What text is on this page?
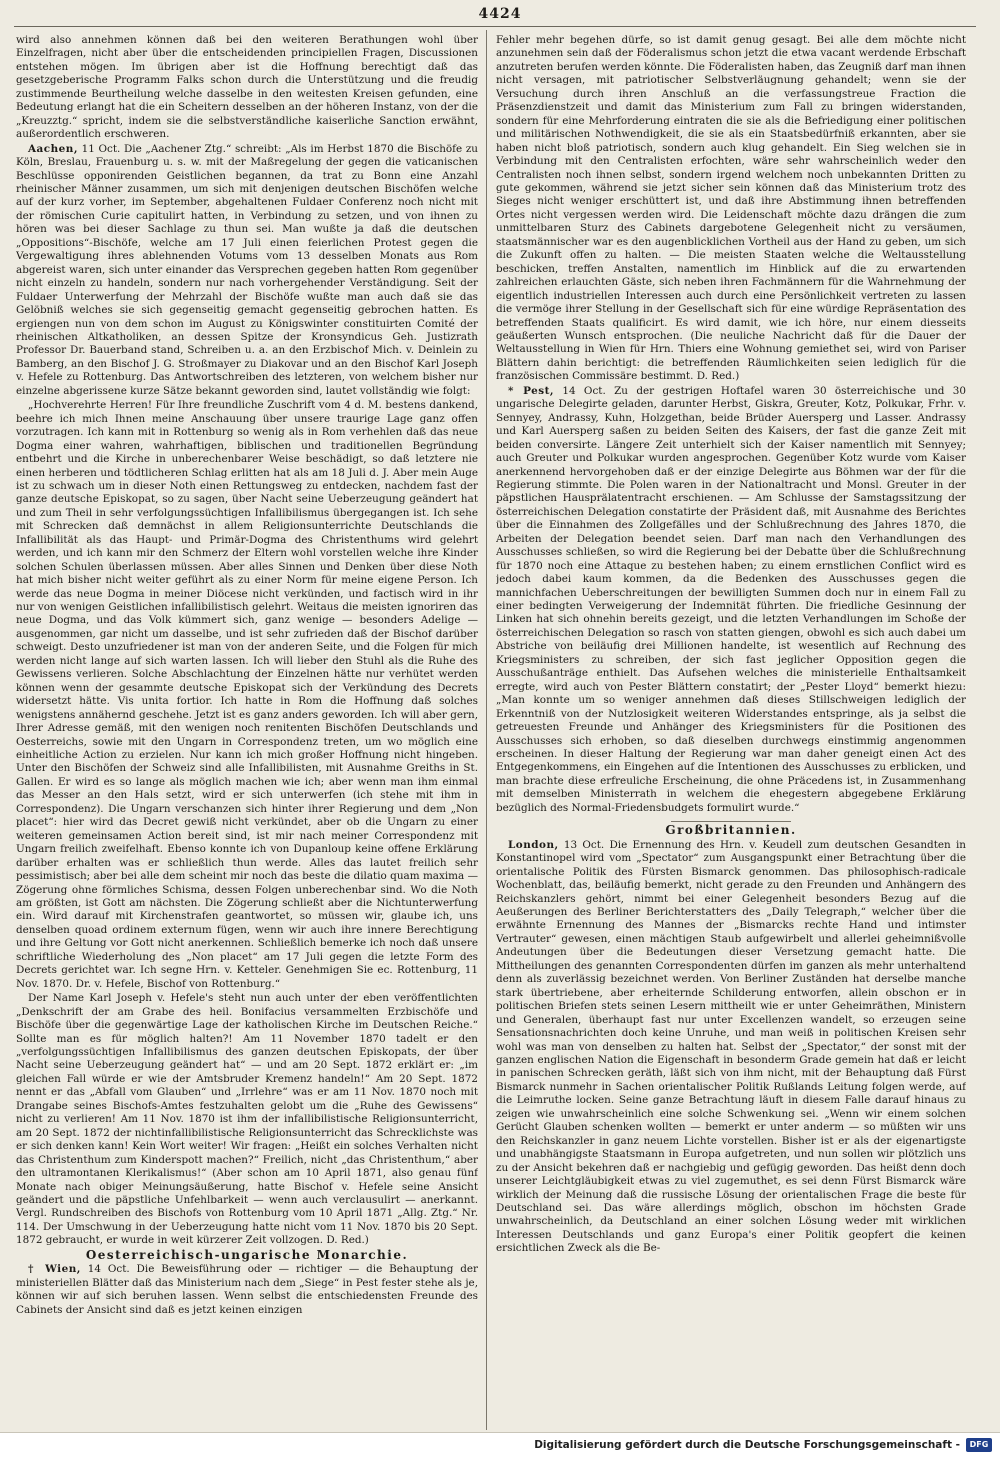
4424

wird also annehmen können daß bei den weiteren Berathungen wohl über Einzelfragen, nicht aber über die entscheidenden principiellen Fragen, Discussionen entstehen mögen. Im übrigen aber ist die Hoffnung berechtigt daß das gesetzgeberische Programm Falks schon durch die Unterstützung und die freudig zustimmende Beurtheilung welche dasselbe in den weitesten Kreisen gefunden, eine Bedeutung erlangt hat die ein Scheitern desselben an der höheren Instanz, von der die „Kreuzztg.“ spricht, indem sie die selbstverständliche kaiserliche Sanction erwähnt, außerordentlich erschweren.

Aachen, 11 Oct. Die „Aachener Ztg.“ schreibt: „Als im Herbst 1870 die Bischöfe zu Köln, Breslau, Frauenburg u. s. w. mit der Maßregelung der gegen die vaticanischen Beschlüsse opponirenden Geistlichen begannen, da trat zu Bonn eine Anzahl rheinischer Männer zusammen, um sich mit denjenigen deutschen Bischöfen welche auf der kurz vorher, im September, abgehaltenen Fuldaer Conferenz noch nicht mit der römischen Curie capitulirt hatten, in Verbindung zu setzen, und von ihnen zu hören was bei dieser Sachlage zu thun sei. Man wußte ja daß die deutschen „Oppositions“-Bischöfe, welche am 17 Juli einen feierlichen Protest gegen die Vergewaltigung ihres ablehnenden Votums vom 13 desselben Monats aus Rom abgereist waren, sich unter einander das Versprechen gegeben hatten Rom gegenüber nicht einzeln zu handeln, sondern nur nach vorhergehender Verständigung. Seit der Fuldaer Unterwerfung der Mehrzahl der Bischöfe wußte man auch daß sie das Gelöbniß welches sie sich gegenseitig gemacht gegenseitig gebrochen hatten. Es ergiengen nun von dem schon im August zu Königswinter constituirten Comité der rheinischen Altkatholiken, an dessen Spitze der Kronsyndicus Geh. Justizrath Professor Dr. Bauerband stand, Schreiben u. a. an den Erzbischof Mich. v. Deinlein zu Bamberg, an den Bischof J. G. Stroßmayer zu Diakovar und an den Bischof Karl Joseph v. Hefele zu Rottenburg. Das Antwortschreiben des letzteren, von welchem bisher nur einzelne abgerissene kurze Sätze bekannt geworden sind, lautet vollständig wie folgt:

„Hochverehrte Herren! Für Ihre freundliche Zuschrift vom 4 d. M. bestens dankend, beehre ich mich Ihnen meine Anschauung über unsere traurige Lage ganz offen vorzutragen. Ich kann mit in Rottenburg so wenig als in Rom verhehlen daß das neue Dogma einer wahren, wahrhaftigen, biblischen und traditionellen Begründung entbehrt und die Kirche in unberechenbarer Weise beschädigt, so daß letztere nie einen herberen und tödtlicheren Schlag erlitten hat als am 18 Juli d. J. Aber mein Auge ist zu schwach um in dieser Noth einen Rettungsweg zu entdecken, nachdem fast der ganze deutsche Episkopat, so zu sagen, über Nacht seine Ueberzeugung geändert hat und zum Theil in sehr verfolgungssüchtigen Infallibilismus übergegangen ist. Ich sehe mit Schrecken daß demnächst in allem Religionsunterrichte Deutschlands die Infallibilität als das Haupt- und Primär-Dogma des Christenthums wird gelehrt werden, und ich kann mir den Schmerz der Eltern wohl vorstellen welche ihre Kinder solchen Schulen überlassen müssen. Aber alles Sinnen und Denken über diese Noth hat mich bisher nicht weiter geführt als zu einer Norm für meine eigene Person. Ich werde das neue Dogma in meiner Diöcese nicht verkünden, und factisch wird in ihr nur von wenigen Geistlichen infallibilistisch gelehrt. Weitaus die meisten ignoriren das neue Dogma, und das Volk kümmert sich, ganz wenige — besonders Adelige — ausgenommen, gar nicht um dasselbe, und ist sehr zufrieden daß der Bischof darüber schweigt. Desto unzufriedener ist man von der anderen Seite, und die Folgen für mich werden nicht lange auf sich warten lassen. Ich will lieber den Stuhl als die Ruhe des Gewissens verlieren. Solche Abschlachtung der Einzelnen hätte nur verhütet werden können wenn der gesammte deutsche Episkopat sich der Verkündung des Decrets widersetzt hätte. Vis unita fortior. Ich hatte in Rom die Hoffnung daß solches wenigstens annähernd geschehe. Jetzt ist es ganz anders geworden. Ich will aber gern, Ihrer Adresse gemäß, mit den wenigen noch renitenten Bischöfen Deutschlands und Oesterreichs, sowie mit den Ungarn in Correspondenz treten, um wo möglich eine einheitliche Action zu erzielen. Nur kann ich mich großer Hoffnung nicht hingeben. Unter den Bischöfen der Schweiz sind alle Infallibilisten, mit Ausnahme Greiths in St. Gallen. Er wird es so lange als möglich machen wie ich; aber wenn man ihm einmal das Messer an den Hals setzt, wird er sich unterwerfen (ich stehe mit ihm in Correspondenz). Die Ungarn verschanzen sich hinter ihrer Regierung und dem „Non placet“: hier wird das Decret gewiß nicht verkündet, aber ob die Ungarn zu einer weiteren gemeinsamen Action bereit sind, ist mir nach meiner Correspondenz mit Ungarn freilich zweifelhaft. Ebenso konnte ich von Dupanloup keine offene Erklärung darüber erhalten was er schließlich thun werde. Alles das lautet freilich sehr pessimistisch; aber bei alle dem scheint mir noch das beste die dilatio quam maxima — Zögerung ohne förmliches Schisma, dessen Folgen unberechenbar sind. Wo die Noth am größten, ist Gott am nächsten. Die Zögerung schließt aber die Nichtunterwerfung ein. Wird darauf mit Kirchenstrafen geantwortet, so müssen wir, glaube ich, uns denselben quoad ordinem externum fügen, wenn wir auch ihre innere Berechtigung und ihre Geltung vor Gott nicht anerkennen. Schließlich bemerke ich noch daß unsere schriftliche Wiederholung des „Non placet“ am 17 Juli gegen die letzte Form des Decrets gerichtet war. Ich segne Hrn. v. Ketteler. Genehmigen Sie ec. Rottenburg, 11 Nov. 1870. Dr. v. Hefele, Bischof von Rottenburg.“

Der Name Karl Joseph v. Hefele's steht nun auch unter der eben veröffentlichten „Denkschrift der am Grabe des heil. Bonifacius versammelten Erzbischöfe und Bischöfe über die gegenwärtige Lage der katholischen Kirche im Deutschen Reiche.“ Sollte man es für möglich halten?! Am 11 November 1870 tadelt er den „verfolgungssüchtigen Infallibilismus des ganzen deutschen Episkopats, der über Nacht seine Ueberzeugung geändert hat“ — und am 20 Sept. 1872 erklärt er: „im gleichen Fall würde er wie der Amtsbruder Kremenz handeln!“ Am 20 Sept. 1872 nennt er das „Abfall vom Glauben“ und „Irrlehre“ was er am 11 Nov. 1870 noch mit Drangabe seines Bischofs-Amtes festzuhalten gelobt um die „Ruhe des Gewissens“ nicht zu verlieren! Am 11 Nov. 1870 ist ihm der infallibilistische Religionsunterricht, am 20 Sept. 1872 der nichtinfallibilistische Religionsunterricht das Schrecklichste was er sich denken kann! Kein Wort weiter! Wir fragen: „Heißt ein solches Verhalten nicht das Christenthum zum Kinderspott machen?“ Freilich, nicht „das Christenthum,“ aber den ultramontanen Klerikalismus!“ (Aber schon am 10 April 1871, also genau fünf Monate nach obiger Meinungsäußerung, hatte Bischof v. Hefele seine Ansicht geändert und die päpstliche Unfehlbarkeit — wenn auch verclausulirt — anerkannt. Vergl. Rundschreiben des Bischofs von Rottenburg vom 10 April 1871 „Allg. Ztg.“ Nr. 114. Der Umschwung in der Ueberzeugung hatte nicht vom 11 Nov. 1870 bis 20 Sept. 1872 gebraucht, er wurde in weit kürzerer Zeit vollzogen. D. Red.)

Oesterreichisch-ungarische Monarchie.

† Wien, 14 Oct. Die Beweisführung oder — richtiger — die Behauptung der ministeriellen Blätter daß das Ministerium nach dem „Siege“ in Pest fester stehe als je, können wir auf sich beruhen lassen. Wenn selbst die entschiedensten Freunde des Cabinets der Ansicht sind daß es jetzt keinen einzigen

Fehler mehr begehen dürfe, so ist damit genug gesagt. Bei alle dem möchte nicht anzunehmen sein daß der Föderalismus schon jetzt die etwa vacant werdende Erbschaft anzutreten berufen werden könnte. Die Föderalisten haben, das Zeugniß darf man ihnen nicht versagen, mit patriotischer Selbstverläugnung gehandelt; wenn sie der Versuchung durch ihren Anschluß an die verfassungstreue Fraction die Präsenzdienstzeit und damit das Ministerium zum Fall zu bringen widerstanden, sondern für eine Mehrforderung eintraten die sie als die Befriedigung einer politischen und militärischen Nothwendigkeit, die sie als ein Staatsbedürfniß erkannten, aber sie haben nicht bloß patriotisch, sondern auch klug gehandelt. Ein Sieg welchen sie in Verbindung mit den Centralisten erfochten, wäre sehr wahrscheinlich weder den Centralisten noch ihnen selbst, sondern irgend welchem noch unbekannten Dritten zu gute gekommen, während sie jetzt sicher sein können daß das Ministerium trotz des Sieges nicht weniger erschüttert ist, und daß ihre Abstimmung ihnen betreffenden Ortes nicht vergessen werden wird. Die Leidenschaft möchte dazu drängen die zum unmittelbaren Sturz des Cabinets dargebotene Gelegenheit nicht zu versäumen, staatsmännischer war es den augenblicklichen Vortheil aus der Hand zu geben, um sich die Zukunft offen zu halten. — Die meisten Staaten welche die Weltausstellung beschicken, treffen Anstalten, namentlich im Hinblick auf die zu erwartenden zahlreichen erlauchten Gäste, sich neben ihren Fachmännern für die Wahrnehmung der eigentlich industriellen Interessen auch durch eine Persönlichkeit vertreten zu lassen die vermöge ihrer Stellung in der Gesellschaft sich für eine würdige Repräsentation des betreffenden Staats qualificirt. Es wird damit, wie ich höre, nur einem diesseits geäußerten Wunsch entsprochen. (Die neuliche Nachricht daß für die Dauer der Weltausstellung in Wien für Hrn. Thiers eine Wohnung gemiethet sei, wird von Pariser Blättern dahin berichtigt: die betreffenden Räumlichkeiten seien lediglich für die französischen Commissäre bestimmt. D. Red.)

* Pest, 14 Oct. Zu der gestrigen Hoftafel waren 30 österreichische und 30 ungarische Delegirte geladen, darunter Herbst, Giskra, Greuter, Kotz, Polkukar, Frhr. v. Sennyey, Andrassy, Kuhn, Holzgethan, beide Brüder Auersperg und Lasser. Andrassy und Karl Auersperg saßen zu beiden Seiten des Kaisers, der fast die ganze Zeit mit beiden conversirte. Längere Zeit unterhielt sich der Kaiser namentlich mit Sennyey; auch Greuter und Polkukar wurden angesprochen. Gegenüber Kotz wurde vom Kaiser anerkennend hervorgehoben daß er der einzige Delegirte aus Böhmen war der für die Regierung stimmte. Die Polen waren in der Nationaltracht und Monsl. Greuter in der päpstlichen Hausprälatentracht erschienen. — Am Schlusse der Samstagssitzung der österreichischen Delegation constatirte der Präsident daß, mit Ausnahme des Berichtes über die Einnahmen des Zollgefälles und der Schlußrechnung des Jahres 1870, die Arbeiten der Delegation beendet seien. Darf man nach den Verhandlungen des Ausschusses schließen, so wird die Regierung bei der Debatte über die Schlußrechnung für 1870 noch eine Attaque zu bestehen haben; zu einem ernstlichen Conflict wird es jedoch dabei kaum kommen, da die Bedenken des Ausschusses gegen die mannichfachen Ueberschreitungen der bewilligten Summen doch nur in einem Fall zu einer bedingten Verweigerung der Indemnität führten. Die friedliche Gesinnung der Linken hat sich ohnehin bereits gezeigt, und die letzten Verhandlungen im Schoße der österreichischen Delegation so rasch von statten giengen, obwohl es sich auch dabei um Abstriche von beiläufig drei Millionen handelte, ist wesentlich auf Rechnung des Kriegsministers zu schreiben, der sich fast jeglicher Opposition gegen die Ausschußanträge enthielt. Das Aufsehen welches die ministerielle Enthaltsamkeit erregte, wird auch von Pester Blättern constatirt; der „Pester Lloyd“ bemerkt hiezu: „Man konnte um so weniger annehmen daß dieses Stillschweigen lediglich der Erkenntniß von der Nutzlosigkeit weiteren Widerstandes entspringe, als ja selbst die getreuesten Freunde und Anhänger des Kriegsministers für die Positionen des Ausschusses sich erhoben, so daß dieselben durchwegs einstimmig angenommen erscheinen. In dieser Haltung der Regierung war man daher geneigt einen Act des Entgegenkommens, ein Eingehen auf die Intentionen des Ausschusses zu erblicken, und man brachte diese erfreuliche Erscheinung, die ohne Präcedens ist, in Zusammenhang mit demselben Ministerrath in welchem die ehegestern abgegebene Erklärung bezüglich des Normal-Friedensbudgets formulirt wurde.“

Großbritannien.

London, 13 Oct. Die Ernennung des Hrn. v. Keudell zum deutschen Gesandten in Konstantinopel wird vom „Spectator“ zum Ausgangspunkt einer Betrachtung über die orientalische Politik des Fürsten Bismarck genommen. Das philosophisch-radicale Wochenblatt, das, beiläufig bemerkt, nicht gerade zu den Freunden und Anhängern des Reichskanzlers gehört, nimmt bei einer Gelegenheit besonders Bezug auf die Aeußerungen des Berliner Berichterstatters des „Daily Telegraph,“ welcher über die erwähnte Ernennung des Mannes der „Bismarcks rechte Hand und intimster Vertrauter“ gewesen, einen mächtigen Staub aufgewirbelt und allerlei geheimnißvolle Andeutungen über die Bedeutungen dieser Versetzung gemacht hatte. Die Mittheilungen des genannten Correspondenten dürfen im ganzen als mehr unterhaltend denn als zuverlässig bezeichnet werden. Von Berliner Zuständen hat derselbe manche stark übertriebene, aber erheiternde Schilderung entworfen, allein obschon er in politischen Briefen stets seinen Lesern mittheilt wie er unter Geheimräthen, Ministern und Generalen, überhaupt fast nur unter Excellenzen wandelt, so erzeugen seine Sensationsnachrichten doch keine Unruhe, und man weiß in politischen Kreisen sehr wohl was man von denselben zu halten hat. Selbst der „Spectator,“ der sonst mit der ganzen englischen Nation die Eigenschaft in besonderm Grade gemein hat daß er leicht in panischen Schrecken geräth, läßt sich von ihm nicht, mit der Behauptung daß Fürst Bismarck nunmehr in Sachen orientalischer Politik Rußlands Leitung folgen werde, auf die Leimruthe locken. Seine ganze Betrachtung läuft in diesem Falle darauf hinaus zu zeigen wie unwahrscheinlich eine solche Schwenkung sei. „Wenn wir einem solchen Gerücht Glauben schenken wollten — bemerkt er unter anderm — so müßten wir uns den Reichskanzler in ganz neuem Lichte vorstellen. Bisher ist er als der eigenartigste und unabhängigste Staatsmann in Europa aufgetreten, und nun sollen wir plötzlich uns zu der Ansicht bekehren daß er nachgiebig und gefügig geworden. Das heißt denn doch unserer Leichtgläubigkeit etwas zu viel zugemuthet, es sei denn Fürst Bismarck wäre wirklich der Meinung daß die russische Lösung der orientalischen Frage die beste für Deutschland sei. Das wäre allerdings möglich, obschon im höchsten Grade unwahrscheinlich, da Deutschland an einer solchen Lösung weder mit wirklichen Interessen Deutschlands und ganz Europa's einer Politik geopfert die keinen ersichtlichen Zweck als die Be-

Digitalisierung gefördert durch die Deutsche Forschungsgemeinschaft -	DFG
